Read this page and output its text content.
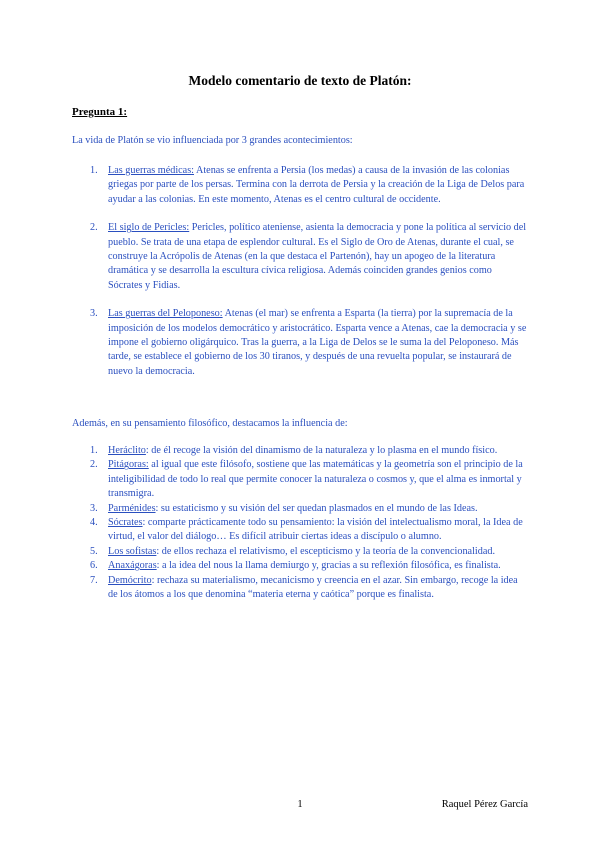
Modelo comentario de texto de Platón:
Pregunta 1:
La vida de Platón se vio influenciada por 3 grandes acontecimientos:
1. Las guerras médicas: Atenas se enfrenta a Persia (los medas) a causa de la invasión de las colonias griegas por parte de los persas. Termina con la derrota de Persia y la creación de la Liga de Delos para ayudar a las colonias. En este momento, Atenas es el centro cultural de occidente.
2. El siglo de Pericles: Pericles, político ateniense, asienta la democracia y pone la política al servicio del pueblo. Se trata de una etapa de esplendor cultural. Es el Siglo de Oro de Atenas, durante el cual, se construye la Acrópolis de Atenas (en la que destaca el Partenón), hay un apogeo de la literatura dramática y se desarrolla la escultura cívica religiosa. Además coinciden grandes genios como Sócrates y Fidias.
3. Las guerras del Peloponeso: Atenas (el mar) se enfrenta a Esparta (la tierra) por la supremacía de la imposición de los modelos democrático y aristocrático. Esparta vence a Atenas, cae la democracia y se impone el gobierno oligárquico. Tras la guerra, a la Liga de Delos se le suma la del Peloponeso. Más tarde, se establece el gobierno de los 30 tiranos, y después de una revuelta popular, se instaurará de nuevo la democracia.
Además, en su pensamiento filosófico, destacamos la influencia de:
1. Heráclito: de él recoge la visión del dinamismo de la naturaleza y lo plasma en el mundo físico.
2. Pitágoras: al igual que este filósofo, sostiene que las matemáticas y la geometría son el principio de la inteligibilidad de todo lo real que permite conocer la naturaleza o cosmos y, que el alma es inmortal y transmigra.
3. Parménides: su estaticismo y su visión del ser quedan plasmados en el mundo de las Ideas.
4. Sócrates: comparte prácticamente todo su pensamiento: la visión del intelectualismo moral, la Idea de virtud, el valor del diálogo… Es difícil atribuir ciertas ideas a discípulo o alumno.
5. Los sofistas: de ellos rechaza el relativismo, el escepticismo y la teoría de la convencionalidad.
6. Anaxágoras: a la idea del nous la llama demiurgo y, gracias a su reflexión filosófica, es finalista.
7. Demócrito: rechaza su materialismo, mecanicismo y creencia en el azar. Sin embargo, recoge la idea de los átomos a los que denomina “materia eterna y caótica” porque es finalista.
1	Raquel Pérez García
